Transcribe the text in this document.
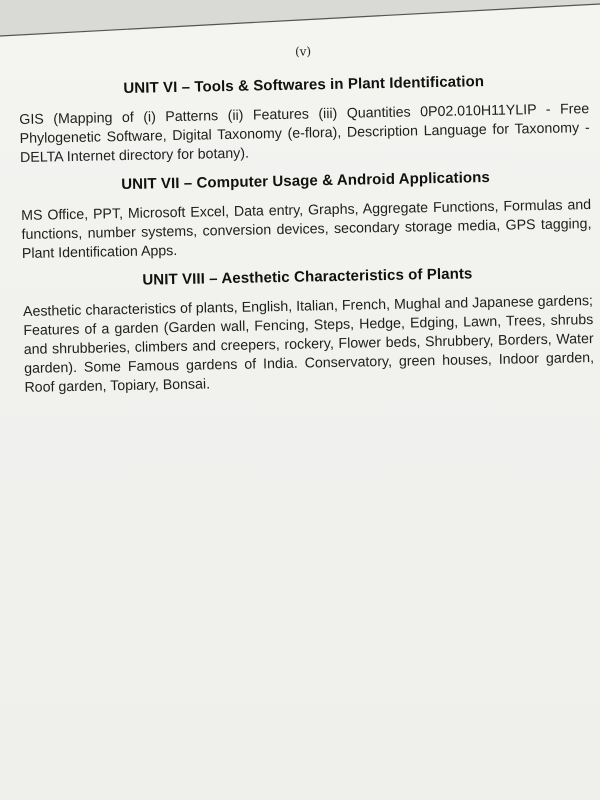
(v)
UNIT VI – Tools & Softwares in Plant Identification
GIS (Mapping of (i) Patterns (ii) Features (iii) Quantities 0P02.010H11YLIP - Free Phylogenetic Software, Digital Taxonomy (e-flora), Description Language for Taxonomy - DELTA Internet directory for botany).
UNIT VII – Computer Usage & Android Applications
MS Office, PPT, Microsoft Excel, Data entry, Graphs, Aggregate Functions, Formulas and functions, number systems, conversion devices, secondary storage media, GPS tagging, Plant Identification Apps.
UNIT VIII – Aesthetic Characteristics of Plants
Aesthetic characteristics of plants, English, Italian, French, Mughal and Japanese gardens; Features of a garden (Garden wall, Fencing, Steps, Hedge, Edging, Lawn, Trees, shrubs and shrubberies, climbers and creepers, rockery, Flower beds, Shrubbery, Borders, Water garden). Some Famous gardens of India. Conservatory, green houses, Indoor garden, Roof garden, Topiary, Bonsai.
